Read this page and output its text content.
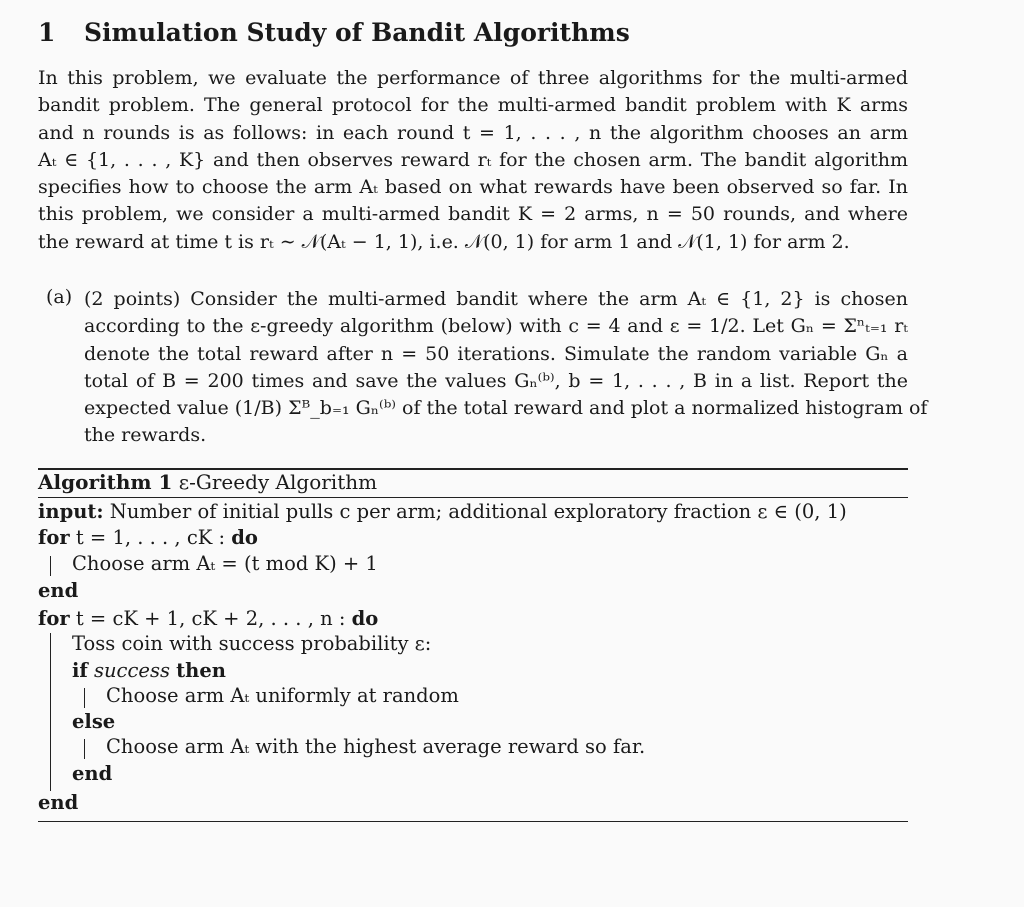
1 Simulation Study of Bandit Algorithms
In this problem, we evaluate the performance of three algorithms for the multi-armed
bandit problem. The general protocol for the multi-armed bandit problem with K arms
and n rounds is as follows: in each round t = 1, . . . , n the algorithm chooses an arm
Aₜ ∈ {1, . . . , K} and then observes reward rₜ for the chosen arm. The bandit algorithm
specifies how to choose the arm Aₜ based on what rewards have been observed so far. In
this problem, we consider a multi-armed bandit K = 2 arms, n = 50 rounds, and where
the reward at time t is rₜ ∼ 𝒩(Aₜ − 1, 1), i.e. 𝒩(0, 1) for arm 1 and 𝒩(1, 1) for arm 2.
(a) (2 points) Consider the multi-armed bandit where the arm Aₜ ∈ {1, 2} is chosen
according to the ε-greedy algorithm (below) with c = 4 and ε = 1/2. Let Gₙ = Σⁿₜ₌₁ rₜ
denote the total reward after n = 50 iterations. Simulate the random variable Gₙ a
total of B = 200 times and save the values Gₙ⁽ᵇ⁾, b = 1, . . . , B in a list. Report the
expected value (1/B) Σᴮ_b₌₁ Gₙ⁽ᵇ⁾ of the total reward and plot a normalized histogram of
the rewards.
Algorithm 1 ε-Greedy Algorithm
input: Number of initial pulls c per arm; additional exploratory fraction ε ∈ (0, 1)
for t = 1, . . . , cK : do
Choose arm Aₜ = (t mod K) + 1
end
for t = cK + 1, cK + 2, . . . , n : do
Toss coin with success probability ε:
if success then
Choose arm Aₜ uniformly at random
else
Choose arm Aₜ with the highest average reward so far.
end
end
